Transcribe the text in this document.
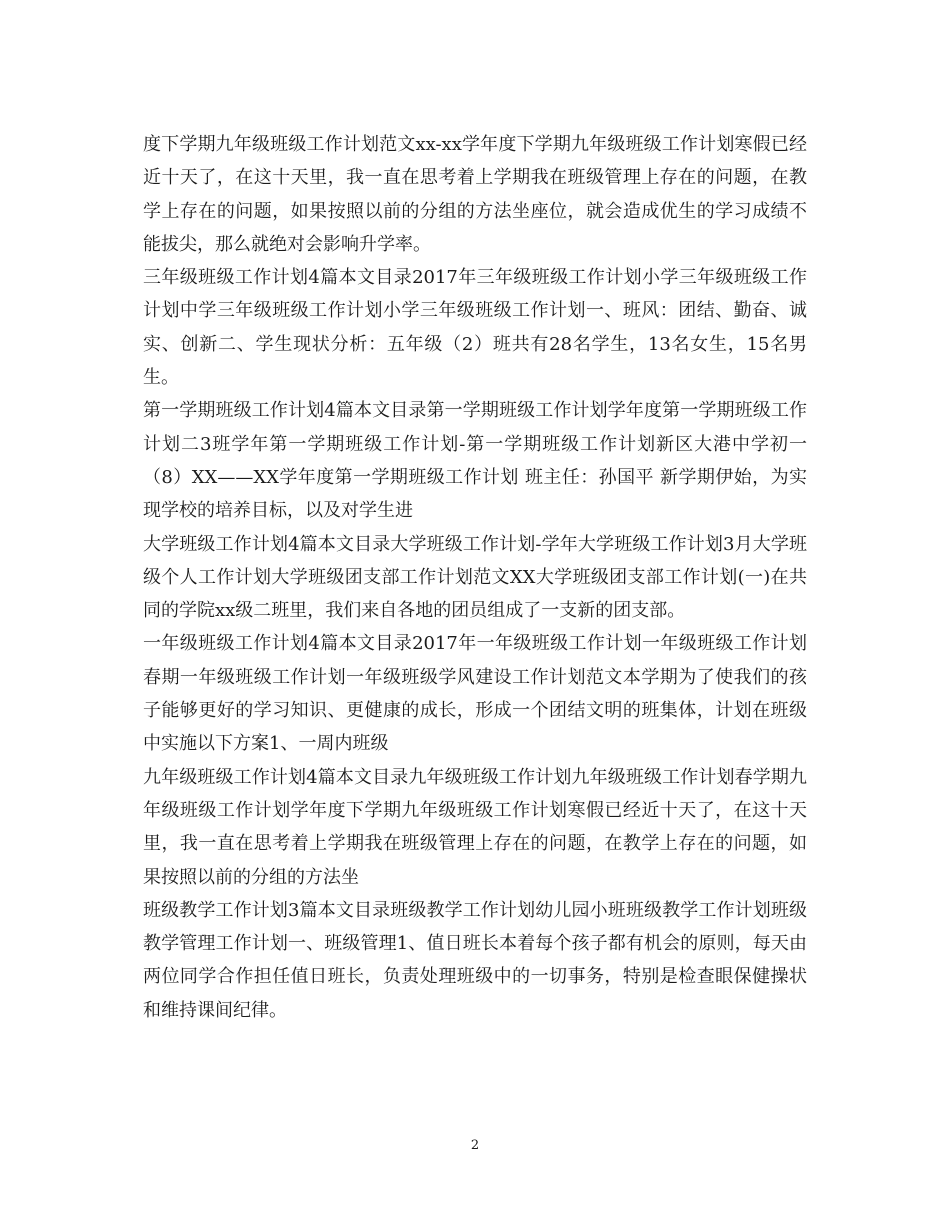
度下学期九年级班级工作计划范文xx-xx学年度下学期九年级班级工作计划寒假已经近十天了，在这十天里，我一直在思考着上学期我在班级管理上存在的问题，在教学上存在的问题，如果按照以前的分组的方法坐座位，就会造成优生的学习成绩不能拔尖，那么就绝对会影响升学率。

三年级班级工作计划4篇本文目录2017年三年级班级工作计划小学三年级班级工作计划中学三年级班级工作计划小学三年级班级工作计划一、班风：团结、勤奋、诚实、创新二、学生现状分析：五年级（2）班共有28名学生，13名女生，15名男生。

第一学期班级工作计划4篇本文目录第一学期班级工作计划学年度第一学期班级工作计划二3班学年第一学期班级工作计划-第一学期班级工作计划新区大港中学初一（8）XX——XX学年度第一学期班级工作计划 班主任：孙国平 新学期伊始，为实现学校的培养目标，以及对学生进

大学班级工作计划4篇本文目录大学班级工作计划-学年大学班级工作计划3月大学班级个人工作计划大学班级团支部工作计划范文XX大学班级团支部工作计划(一)在共同的学院xx级二班里，我们来自各地的团员组成了一支新的团支部。

一年级班级工作计划4篇本文目录2017年一年级班级工作计划一年级班级工作计划春期一年级班级工作计划一年级班级学风建设工作计划范文本学期为了使我们的孩子能够更好的学习知识、更健康的成长，形成一个团结文明的班集体，计划在班级中实施以下方案1、一周内班级

九年级班级工作计划4篇本文目录九年级班级工作计划九年级班级工作计划春学期九年级班级工作计划学年度下学期九年级班级工作计划寒假已经近十天了，在这十天里，我一直在思考着上学期我在班级管理上存在的问题，在教学上存在的问题，如果按照以前的分组的方法坐

班级教学工作计划3篇本文目录班级教学工作计划幼儿园小班班级教学工作计划班级教学管理工作计划一、班级管理1、值日班长本着每个孩子都有机会的原则，每天由两位同学合作担任值日班长，负责处理班级中的一切事务，特别是检查眼保健操状和维持课间纪律。

2
